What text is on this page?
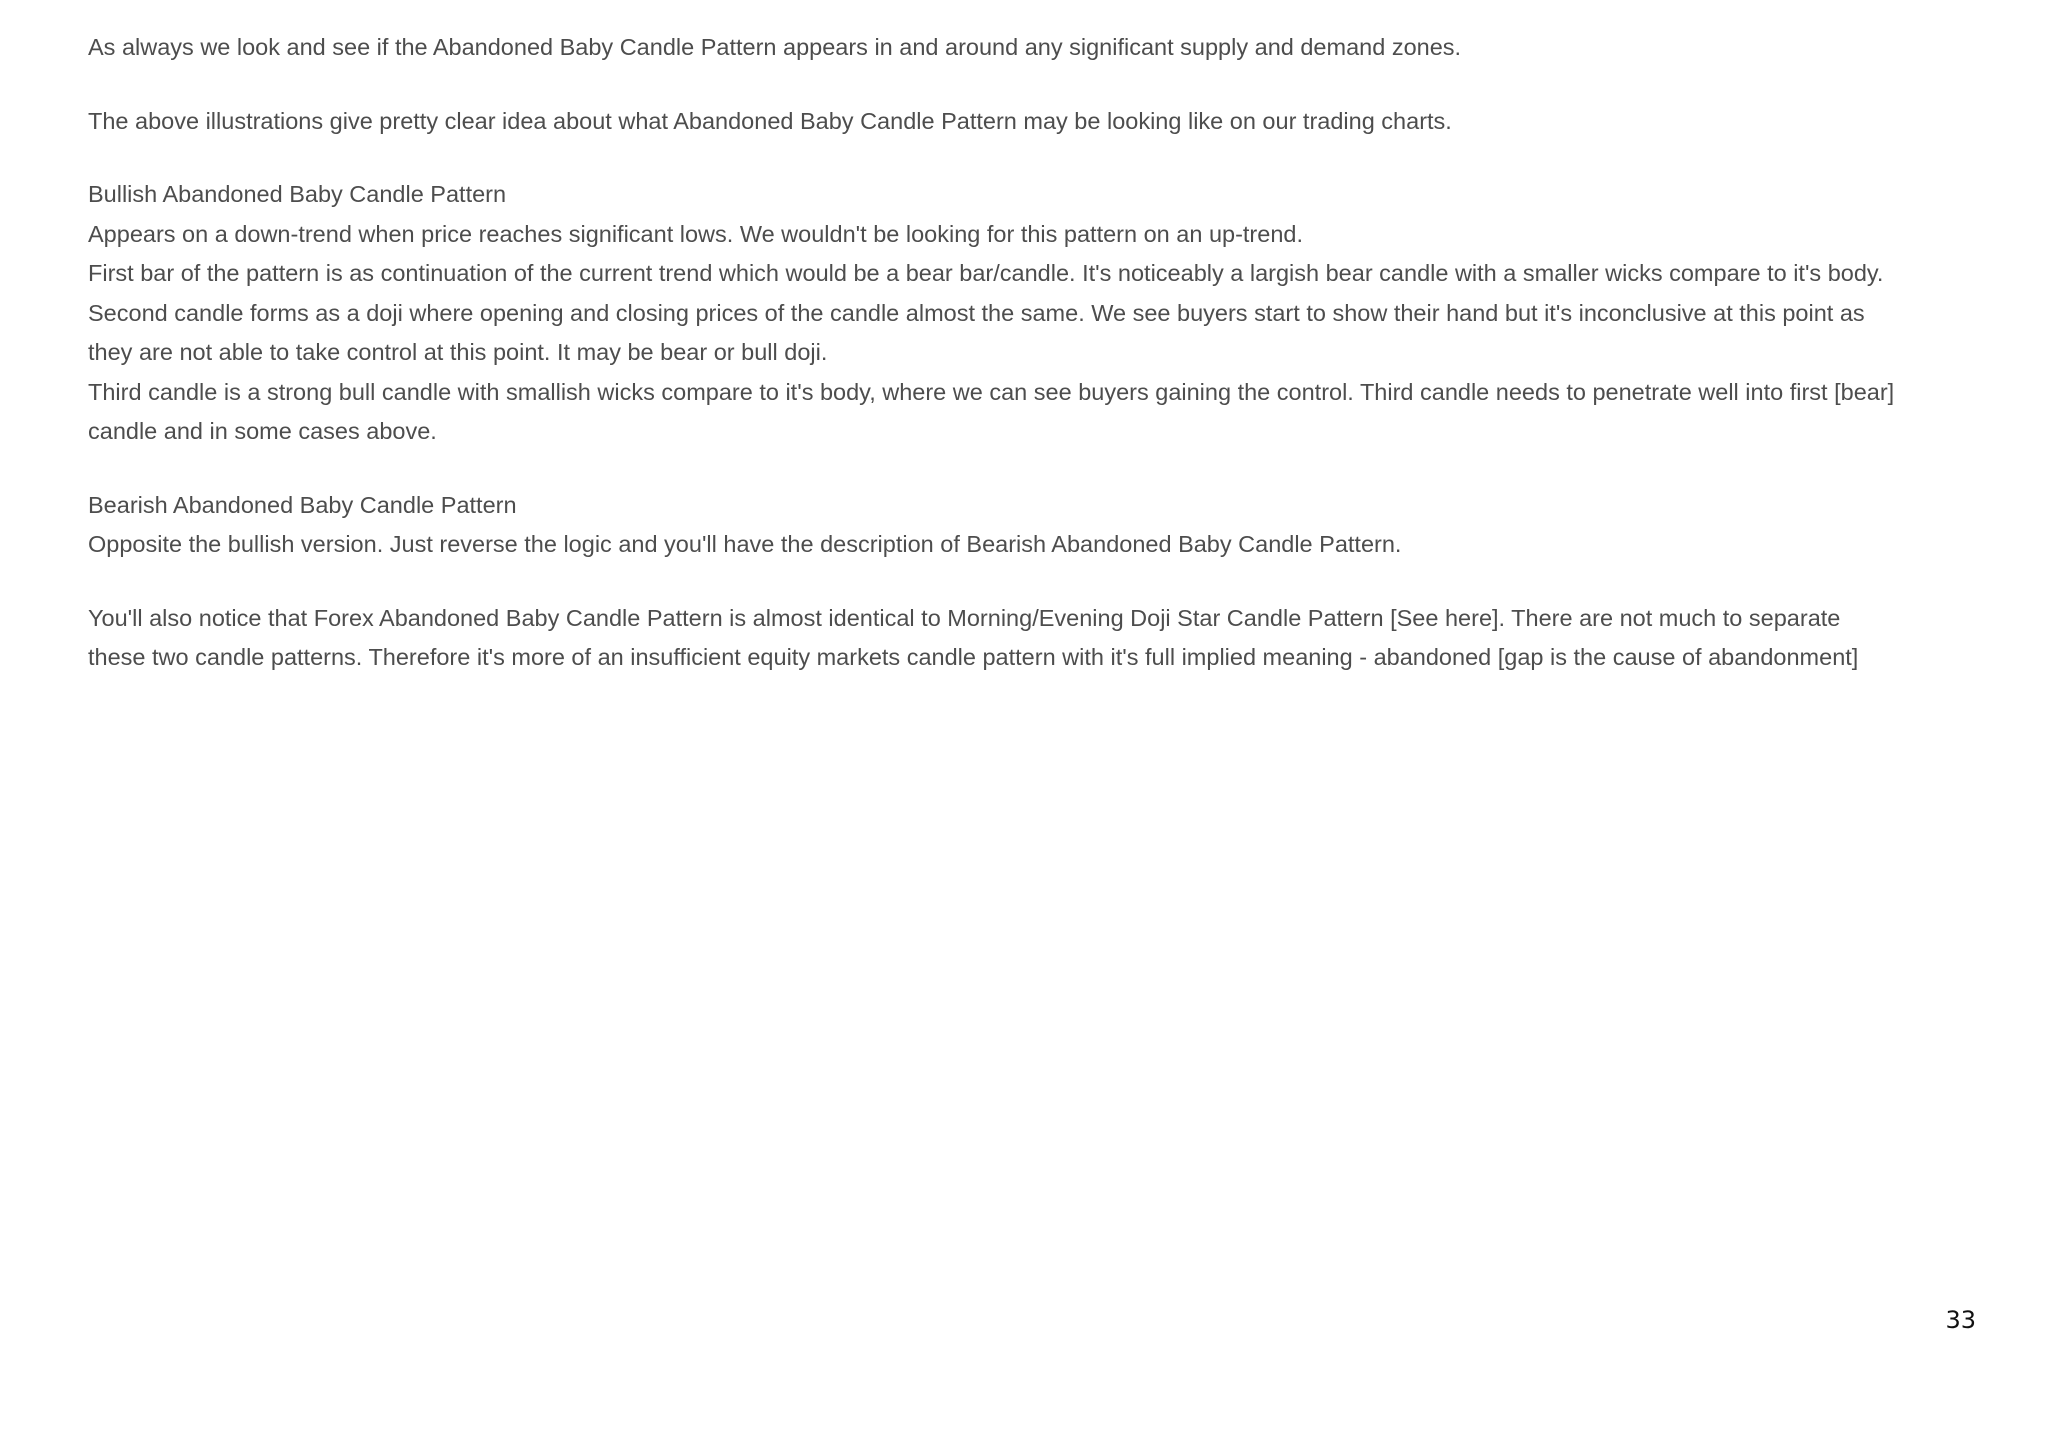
As always we look and see if the Abandoned Baby Candle Pattern appears in and around any significant supply and demand zones.

The above illustrations give pretty clear idea about what Abandoned Baby Candle Pattern may be looking like on our trading charts.

Bullish Abandoned Baby Candle Pattern
Appears on a down-trend when price reaches significant lows. We wouldn't be looking for this pattern on an up-trend.
First bar of the pattern is as continuation of the current trend which would be a bear bar/candle. It's noticeably a largish bear candle with a smaller wicks compare to it's body.
Second candle forms as a doji where opening and closing prices of the candle almost the same. We see buyers start to show their hand but it's inconclusive at this point as
they are not able to take control at this point. It may be bear or bull doji.
Third candle is a strong bull candle with smallish wicks compare to it's body, where we can see buyers gaining the control. Third candle needs to penetrate well into first [bear]
candle and in some cases above.

Bearish Abandoned Baby Candle Pattern
Opposite the bullish version. Just reverse the logic and you'll have the description of Bearish Abandoned Baby Candle Pattern.

You'll also notice that Forex Abandoned Baby Candle Pattern is almost identical to Morning/Evening Doji Star Candle Pattern [See here]. There are not much to separate
these two candle patterns. Therefore it's more of an insufficient equity markets candle pattern with it's full implied meaning - abandoned [gap is the cause of abandonment]

33
